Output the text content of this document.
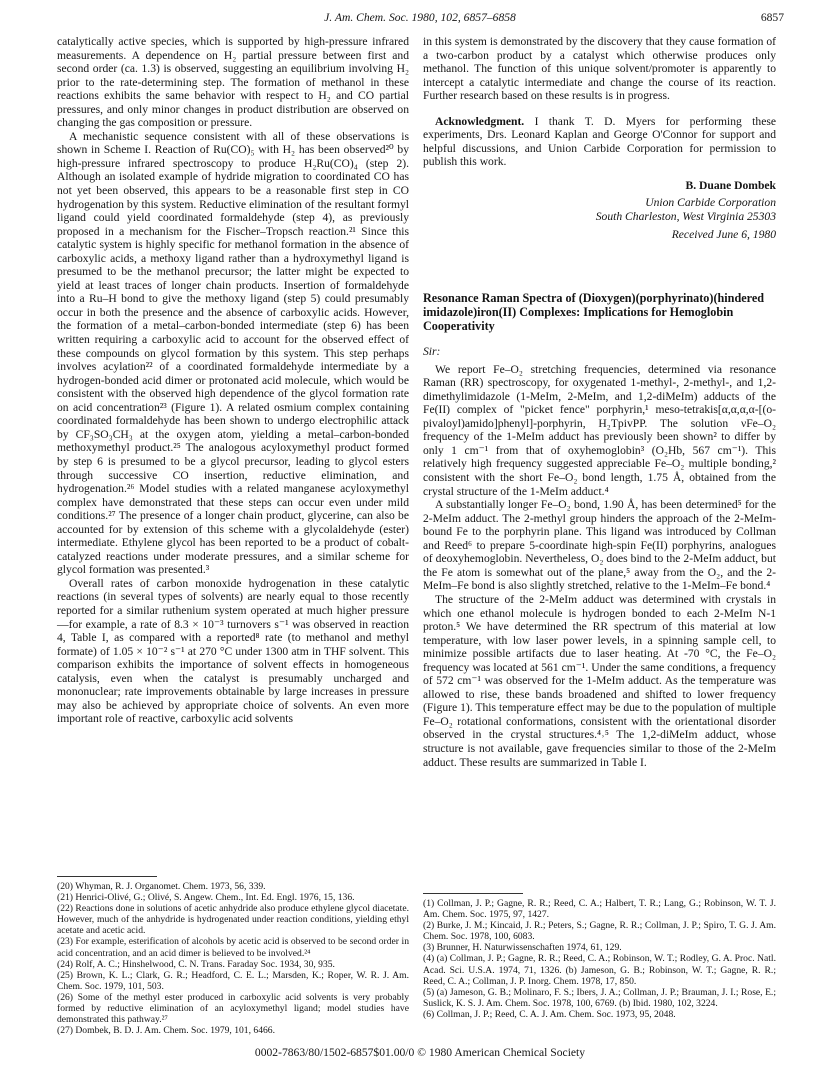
J. Am. Chem. Soc. 1980, 102, 6857–6858	6857

catalytically active species, which is supported by high-pressure infrared measurements. A dependence on H₂ partial pressure between first and second order (ca. 1.3) is observed, suggesting an equilibrium involving H₂ prior to the rate-determining step. The formation of methanol in these reactions exhibits the same behavior with respect to H₂ and CO partial pressures, and only minor changes in product distribution are observed on changing the gas composition or pressure.

A mechanistic sequence consistent with all of these observations is shown in Scheme I. Reaction of Ru(CO)₅ with H₂ has been observed²⁰ by high-pressure infrared spectroscopy to produce H₂Ru(CO)₄ (step 2). Although an isolated example of hydride migration to coordinated CO has not yet been observed, this appears to be a reasonable first step in CO hydrogenation by this system. Reductive elimination of the resultant formyl ligand could yield coordinated formaldehyde (step 4), as previously proposed in a mechanism for the Fischer–Tropsch reaction.²¹ Since this catalytic system is highly specific for methanol formation in the absence of carboxylic acids, a methoxy ligand rather than a hydroxymethyl ligand is presumed to be the methanol precursor; the latter might be expected to yield at least traces of longer chain products. Insertion of formaldehyde into a Ru–H bond to give the methoxy ligand (step 5) could presumably occur in both the presence and the absence of carboxylic acids. However, the formation of a metal–carbon-bonded intermediate (step 6) has been written requiring a carboxylic acid to account for the observed effect of these compounds on glycol formation by this system. This step perhaps involves acylation²² of a coordinated formaldehyde intermediate by a hydrogen-bonded acid dimer or protonated acid molecule, which would be consistent with the observed high dependence of the glycol formation rate on acid concentration²³ (Figure 1). A related osmium complex containing coordinated formaldehyde has been shown to undergo electrophilic attack by CF₃SO₃CH₃ at the oxygen atom, yielding a metal–carbon-bonded methoxymethyl product.²⁵ The analogous acyloxymethyl product formed by step 6 is presumed to be a glycol precursor, leading to glycol esters through successive CO insertion, reductive elimination, and hydrogenation.²⁶ Model studies with a related manganese acyloxymethyl complex have demonstrated that these steps can occur even under mild conditions.²⁷ The presence of a longer chain product, glycerine, can also be accounted for by extension of this scheme with a glycolaldehyde (ester) intermediate. Ethylene glycol has been reported to be a product of cobalt-catalyzed reactions under moderate pressures, and a similar scheme for glycol formation was presented.³

Overall rates of carbon monoxide hydrogenation in these catalytic reactions (in several types of solvents) are nearly equal to those recently reported for a similar ruthenium system operated at much higher pressure—for example, a rate of 8.3 × 10⁻³ turnovers s⁻¹ was observed in reaction 4, Table I, as compared with a reported⁸ rate (to methanol and methyl formate) of 1.05 × 10⁻² s⁻¹ at 270 °C under 1300 atm in THF solvent. This comparison exhibits the importance of solvent effects in homogeneous catalysis, even when the catalyst is presumably uncharged and mononuclear; rate improvements obtainable by large increases in pressure may also be achieved by appropriate choice of solvents. An even more important role of reactive, carboxylic acid solvents

in this system is demonstrated by the discovery that they cause formation of a two-carbon product by a catalyst which otherwise produces only methanol. The function of this unique solvent/promoter is apparently to intercept a catalytic intermediate and change the course of its reaction. Further research based on these results is in progress.

Acknowledgment. I thank T. D. Myers for performing these experiments, Drs. Leonard Kaplan and George O'Connor for support and helpful discussions, and Union Carbide Corporation for permission to publish this work.

B. Duane Dombek
Union Carbide Corporation
South Charleston, West Virginia 25303
Received June 6, 1980
Resonance Raman Spectra of (Dioxygen)(porphyrinato)(hindered imidazole)iron(II) Complexes: Implications for Hemoglobin Cooperativity
Sir:

We report Fe–O₂ stretching frequencies, determined via resonance Raman (RR) spectroscopy, for oxygenated 1-methyl-, 2-methyl-, and 1,2-dimethylimidazole (1-MeIm, 2-MeIm, and 1,2-diMeIm) adducts of the Fe(II) complex of "picket fence" porphyrin,¹ meso-tetrakis[α,α,α,α-[(o-pivaloyl)amido]phenyl]-porphyrin, H₂TpivPP. The solution νFe–O₂ frequency of the 1-MeIm adduct has previously been shown² to differ by only 1 cm⁻¹ from that of oxyhemoglobin³ (O₂Hb, 567 cm⁻¹). This relatively high frequency suggested appreciable Fe–O₂ multiple bonding,² consistent with the short Fe–O₂ bond length, 1.75 Å, obtained from the crystal structure of the 1-MeIm adduct.⁴

A substantially longer Fe–O₂ bond, 1.90 Å, has been determined⁵ for the 2-MeIm adduct. The 2-methyl group hinders the approach of the 2-MeIm-bound Fe to the porphyrin plane. This ligand was introduced by Collman and Reed⁶ to prepare 5-coordinate high-spin Fe(II) porphyrins, analogues of deoxyhemoglobin. Nevertheless, O₂ does bind to the 2-MeIm adduct, but the Fe atom is somewhat out of the plane,⁵ away from the O₂, and the 2-MeIm–Fe bond is also slightly stretched, relative to the 1-MeIm–Fe bond.⁴

The structure of the 2-MeIm adduct was determined with crystals in which one ethanol molecule is hydrogen bonded to each 2-MeIm N-1 proton.⁵ We have determined the RR spectrum of this material at low temperature, with low laser power levels, in a spinning sample cell, to minimize possible artifacts due to laser heating. At -70 °C, the Fe–O₂ frequency was located at 561 cm⁻¹. Under the same conditions, a frequency of 572 cm⁻¹ was observed for the 1-MeIm adduct. As the temperature was allowed to rise, these bands broadened and shifted to lower frequency (Figure 1). This temperature effect may be due to the population of multiple Fe–O₂ rotational conformations, consistent with the orientational disorder observed in the crystal structures.⁴˒⁵ The 1,2-diMeIm adduct, whose structure is not available, gave frequencies similar to those of the 2-MeIm adduct. These results are summarized in Table I.

(20) Whyman, R. J. Organomet. Chem. 1973, 56, 339.
(21) Henrici-Olivé, G.; Olivé, S. Angew. Chem., Int. Ed. Engl. 1976, 15, 136.
(22) Reactions done in solutions of acetic anhydride also produce ethylene glycol diacetate. However, much of the anhydride is hydrogenated under reaction conditions, yielding ethyl acetate and acetic acid.
(23) For example, esterification of alcohols by acetic acid is observed to be second order in acid concentration, and an acid dimer is believed to be involved.²⁴
(24) Rolf, A. C.; Hinshelwood, C. N. Trans. Faraday Soc. 1934, 30, 935.
(25) Brown, K. L.; Clark, G. R.; Headford, C. E. L.; Marsden, K.; Roper, W. R. J. Am. Chem. Soc. 1979, 101, 503.
(26) Some of the methyl ester produced in carboxylic acid solvents is very probably formed by reductive elimination of an acyloxymethyl ligand; model studies have demonstrated this pathway.²⁷
(27) Dombek, B. D. J. Am. Chem. Soc. 1979, 101, 6466.
(1) Collman, J. P.; Gagne, R. R.; Reed, C. A.; Halbert, T. R.; Lang, G.; Robinson, W. T. J. Am. Chem. Soc. 1975, 97, 1427.
(2) Burke, J. M.; Kincaid, J. R.; Peters, S.; Gagne, R. R.; Collman, J. P.; Spiro, T. G. J. Am. Chem. Soc. 1978, 100, 6083.
(3) Brunner, H. Naturwissenschaften 1974, 61, 129.
(4) (a) Collman, J. P.; Gagne, R. R.; Reed, C. A.; Robinson, W. T.; Rodley, G. A. Proc. Natl. Acad. Sci. U.S.A. 1974, 71, 1326. (b) Jameson, G. B.; Robinson, W. T.; Gagne, R. R.; Reed, C. A.; Collman, J. P. Inorg. Chem. 1978, 17, 850.
(5) (a) Jameson, G. B.; Molinaro, F. S.; Ibers, J. A.; Collman, J. P.; Brauman, J. I.; Rose, E.; Suslick, K. S. J. Am. Chem. Soc. 1978, 100, 6769. (b) Ibid. 1980, 102, 3224.
(6) Collman, J. P.; Reed, C. A. J. Am. Chem. Soc. 1973, 95, 2048.
0002-7863/80/1502-6857$01.00/0 © 1980 American Chemical Society
